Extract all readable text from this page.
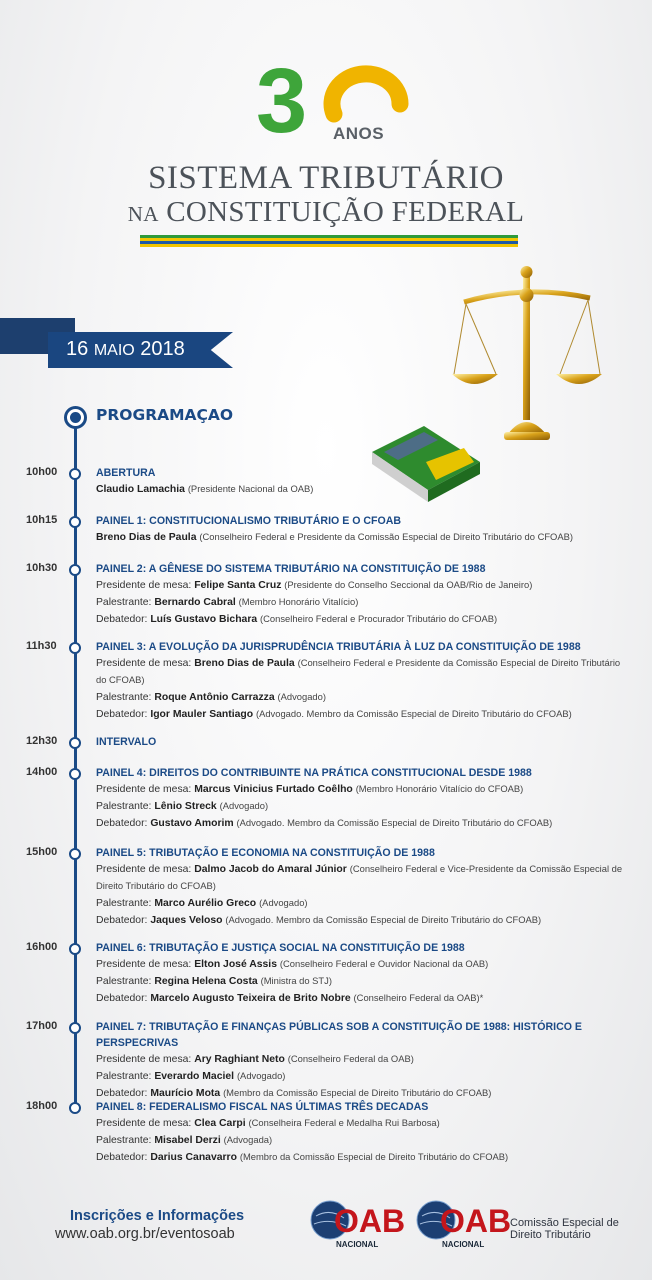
3 ANOS
SISTEMA TRIBUTÁRIO
NA CONSTITUIÇÃO FEDERAL
16 MAIO 2018
PROGRAMAÇAO
10h00	ABERTURA
Claudio Lamachia (Presidente Nacional da OAB)
10h15	PAINEL 1: CONSTITUCIONALISMO TRIBUTÁRIO E O CFOAB
Breno Dias de Paula (Conselheiro Federal e Presidente da Comissão Especial de Direito Tributário do CFOAB)
10h30	PAINEL 2: A GÊNESE DO SISTEMA TRIBUTÁRIO NA CONSTITUIÇÃO DE 1988
Presidente de mesa: Felipe Santa Cruz (Presidente do Conselho Seccional da OAB/Rio de Janeiro)
Palestrante: Bernardo Cabral (Membro Honorário Vitalício)
Debatedor: Luís Gustavo Bichara (Conselheiro Federal e Procurador Tributário do CFOAB)
11h30	PAINEL 3: A EVOLUÇÃO DA JURISPRUDÊNCIA TRIBUTÁRIA À LUZ DA CONSTITUIÇÃO DE 1988
Presidente de mesa: Breno Dias de Paula (Conselheiro Federal e Presidente da Comissão Especial de Direito Tributário do CFOAB)
Palestrante: Roque Antônio Carrazza (Advogado)
Debatedor: Igor Mauler Santiago (Advogado. Membro da Comissão Especial de Direito Tributário do CFOAB)
12h30	INTERVALO
14h00	PAINEL 4: DIREITOS DO CONTRIBUINTE NA PRÁTICA CONSTITUCIONAL DESDE 1988
Presidente de mesa: Marcus Vinicius Furtado Coêlho (Membro Honorário Vitalício do CFOAB)
Palestrante: Lênio Streck (Advogado)
Debatedor: Gustavo Amorim (Advogado. Membro da Comissão Especial de Direito Tributário do CFOAB)
15h00	PAINEL 5: TRIBUTAÇÃO E ECONOMIA NA CONSTITUIÇÃO DE 1988
Presidente de mesa: Dalmo Jacob do Amaral Júnior (Conselheiro Federal e Vice-Presidente da Comissão Especial de Direito Tributário do CFOAB)
Palestrante: Marco Aurélio Greco (Advogado)
Debatedor: Jaques Veloso (Advogado. Membro da Comissão Especial de Direito Tributário do CFOAB)
16h00	PAINEL 6: TRIBUTAÇÃO E JUSTIÇA SOCIAL NA CONSTITUIÇÃO DE 1988
Presidente de mesa: Elton José Assis (Conselheiro Federal e Ouvidor Nacional da OAB)
Palestrante: Regina Helena Costa (Ministra do STJ)
Debatedor: Marcelo Augusto Teixeira de Brito Nobre (Conselheiro Federal da OAB)*
17h00	PAINEL 7: TRIBUTAÇÃO E FINANÇAS PÚBLICAS SOB A CONSTITUIÇÃO DE 1988: HISTÓRICO E PERSPECRIVAS
Presidente de mesa: Ary Raghiant Neto (Conselheiro Federal da OAB)
Palestrante: Everardo Maciel (Advogado)
Debatedor: Maurício Mota (Membro da Comissão Especial de Direito Tributário do CFOAB)
18h00	PAINEL 8: FEDERALISMO FISCAL NAS ÚLTIMAS TRÊS DECADAS
Presidente de mesa: Clea Carpi (Conselheira Federal e Medalha Rui Barbosa)
Palestrante: Misabel Derzi (Advogada)
Debatedor: Darius Canavarro (Membro da Comissão Especial de Direito Tributário do CFOAB)
Inscrições e Informações
www.oab.org.br/eventosoab	OAB
NACIONAL
OAB
NACIONAL
Comissão Especial de
Direito Tributário
